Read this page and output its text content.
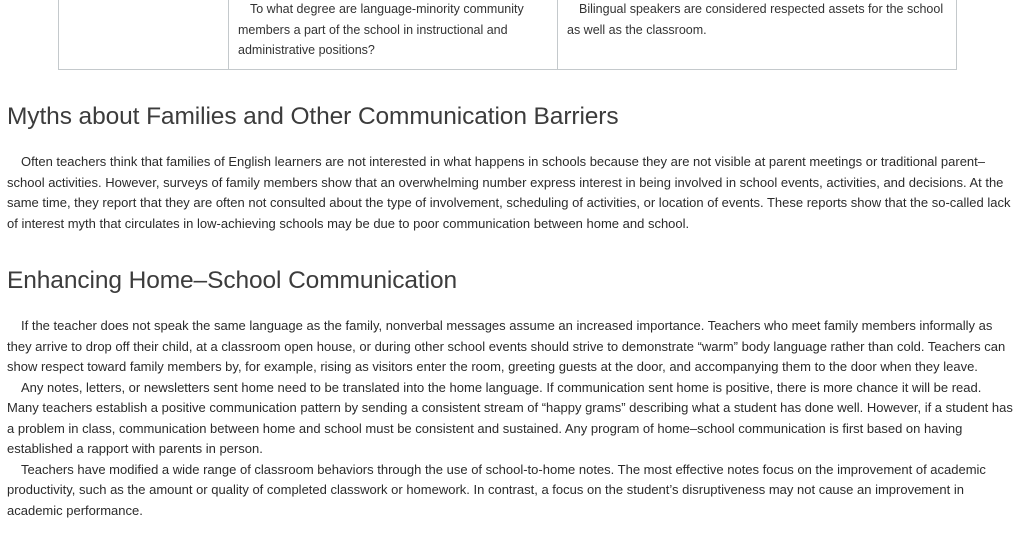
To what degree are language-minority community members a part of the school in instructional and administrative positions?
Bilingual speakers are considered respected assets for the school as well as the classroom.
Myths about Families and Other Communication Barriers

Often teachers think that families of English learners are not interested in what happens in schools because they are not visible at parent meetings or traditional parent–school activities. However, surveys of family members show that an overwhelming number express interest in being involved in school events, activities, and decisions. At the same time, they report that they are often not consulted about the type of involvement, scheduling of activities, or location of events. These reports show that the so-called lack of interest myth that circulates in low-achieving schools may be due to poor communication between home and school.

Enhancing Home–School Communication

If the teacher does not speak the same language as the family, nonverbal messages assume an increased importance. Teachers who meet family members informally as they arrive to drop off their child, at a classroom open house, or during other school events should strive to demonstrate “warm” body language rather than cold. Teachers can show respect toward family members by, for example, rising as visitors enter the room, greeting guests at the door, and accompanying them to the door when they leave.

Any notes, letters, or newsletters sent home need to be translated into the home language. If communication sent home is positive, there is more chance it will be read. Many teachers establish a positive communication pattern by sending a consistent stream of “happy grams” describing what a student has done well. However, if a student has a problem in class, communication between home and school must be consistent and sustained. Any program of home–school communication is first based on having established a rapport with parents in person.

Teachers have modified a wide range of classroom behaviors through the use of school-to-home notes. The most effective notes focus on the improvement of academic productivity, such as the amount or quality of completed classwork or homework. In contrast, a focus on the student’s disruptiveness may not cause an improvement in academic performance.
